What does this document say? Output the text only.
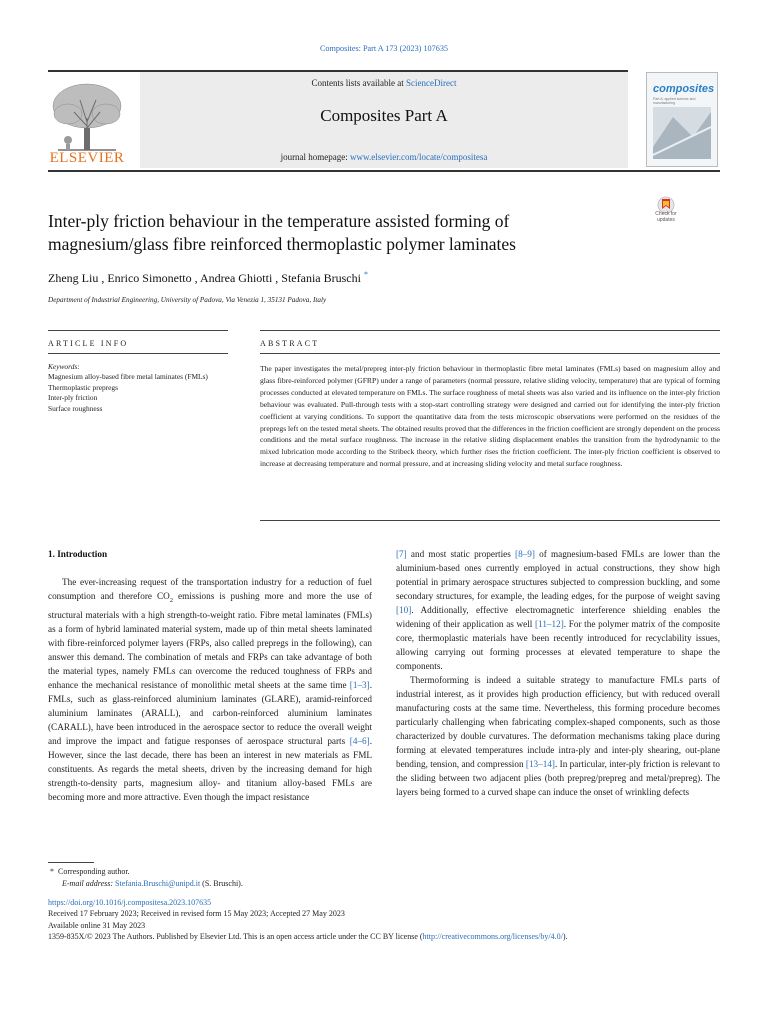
Composites: Part A 173 (2023) 107635
ELSEVIER
Contents lists available at ScienceDirect
Composites Part A
journal homepage: www.elsevier.com/locate/compositesa
composites
Part A: applied science and manufacturing
Inter-ply friction behaviour in the temperature assisted forming of magnesium/glass fibre reinforced thermoplastic polymer laminates
Check for updates
Zheng Liu , Enrico Simonetto , Andrea Ghiotti , Stefania Bruschi *
Department of Industrial Engineering, University of Padova, Via Venezia 1, 35131 Padova, Italy
ARTICLE INFO	ABSTRACT
Keywords:
Magnesium alloy-based fibre metal laminates (FMLs)
Thermoplastic prepregs
Inter-ply friction
Surface roughness
The paper investigates the metal/prepreg inter-ply friction behaviour in thermoplastic fibre metal laminates (FMLs) based on magnesium alloy and glass fibre-reinforced polymer (GFRP) under a range of parameters (normal pressure, relative sliding velocity, temperature) that are typical of forming processes conducted at elevated temperature on FMLs. The surface roughness of metal sheets was also varied and its influence on the inter-ply friction behaviour was evaluated. Pull-through tests with a stop-start controlling strategy were designed and carried out for identifying the inter-ply friction coefficient at varying conditions. To support the quantitative data from the tests microscopic observations were performed on the residues of the prepregs left on the tested metal sheets. The obtained results proved that the differences in the friction coefficient are strongly dependent on the process conditions and the metal surface roughness. The increase in the relative sliding displacement enables the transition from the hydrodynamic to the mixed lubrication mode according to the Stribeck theory, which further rises the friction coefficient. The inter-ply friction coefficient is observed to increase at decreasing temperature and normal pressure, and at increasing sliding velocity and metal surface roughness.
1. Introduction

The ever-increasing request of the transportation industry for a reduction of fuel consumption and therefore $CO_2$ emissions is pushing more and more the use of structural materials with a high strength-to-weight ratio. Fibre metal laminates (FMLs) as a form of hybrid laminated material system, made up of thin metal sheets laminated with fibre-reinforced polymer layers (FRPs, also called prepregs in the following), can answer this demand. The combination of metals and FRPs can take advantage of both the material types, namely FMLs can overcome the reduced toughness of FRPs and enhance the mechanical resistance of monolithic metal sheets at the same time [1–3]. FMLs, such as glass-reinforced aluminium laminates (GLARE), aramid-reinforced aluminium laminates (ARALL), and carbon-reinforced aluminium laminates (CARALL), have been introduced in the aerospace sector to reduce the overall weight and improve the impact and fatigue responses of aerospace structural parts [4–6]. However, since the last decade, there has been an interest in new materials as FML constituents. As regards the metal sheets, driven by the increasing demand for high strength-to-density parts, magnesium alloy- and titanium alloy-based FMLs are becoming more and more attractive. Even though the impact resistance

[7] and most static properties [8–9] of magnesium-based FMLs are lower than the aluminium-based ones currently employed in actual constructions, they show high potential in primary aerospace structures subjected to compression buckling, and some secondary structures, for example, the leading edges, for the purpose of weight saving [10]. Additionally, effective electromagnetic interference shielding enables the widening of their application as well [11–12]. For the polymer matrix of the composite core, thermoplastic materials have been recently introduced for recyclability issues, allowing carrying out forming processes at elevated temperature to shape the components.

Thermoforming is indeed a suitable strategy to manufacture FMLs parts of industrial interest, as it provides high production efficiency, but with reduced overall manufacturing costs at the same time. Nevertheless, this forming procedure becomes particularly challenging when fabricating complex-shaped components, such as those characterized by double curvatures. The deformation mechanisms taking place during forming at elevated temperatures include intra-ply and inter-ply shearing, out-plane bending, tension, and compression [13–14]. In particular, inter-ply friction is relevant to the sliding between two adjacent plies (both prepreg/prepreg and metal/prepreg). The layers being formed to a curved shape can induce the onset of wrinkling defects

* Corresponding author.
E-mail address: Stefania.Bruschi@unipd.it (S. Bruschi).
https://doi.org/10.1016/j.compositesa.2023.107635
Received 17 February 2023; Received in revised form 15 May 2023; Accepted 27 May 2023
Available online 31 May 2023
1359-835X/© 2023 The Authors. Published by Elsevier Ltd. This is an open access article under the CC BY license (http://creativecommons.org/licenses/by/4.0/).
